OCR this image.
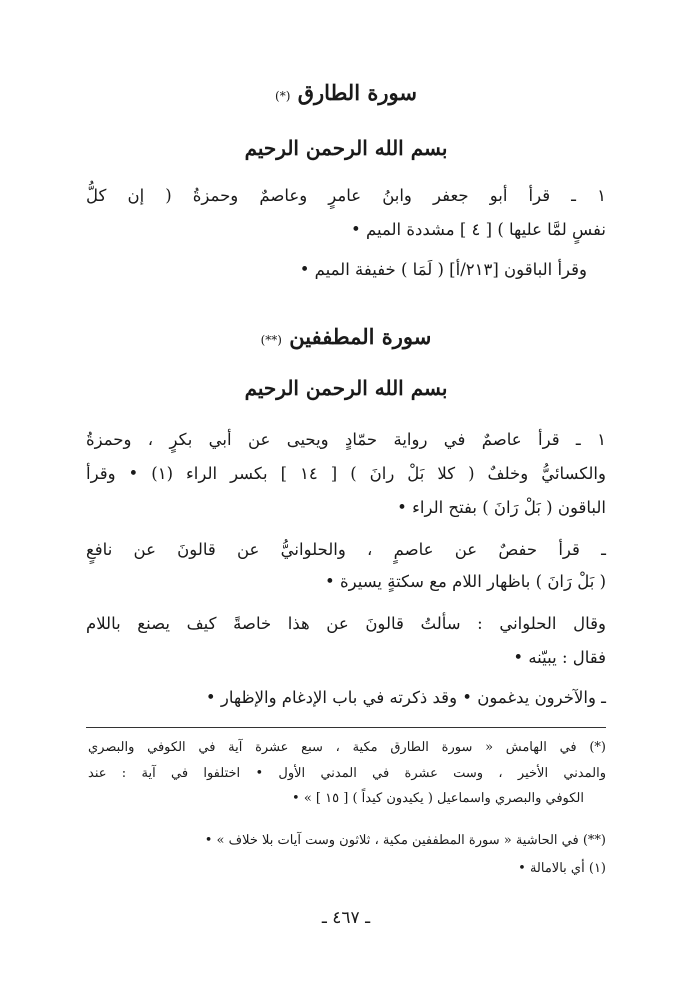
سورة الطارق (*)
بسم الله الرحمن الرحيم
١ ـ قرأ أبو جعفر وابنُ عامرٍ وعاصمٌ وحمزةُ ( إن كلُّ
نفسٍ لمَّا عليها ) [ ٤ ] مشددة الميم •
وقرأ الباقون [٢١٣/أ] ( لَمَا ) خفيفة الميم •
سورة المطففين (**)
بسم الله الرحمن الرحيم
١ ـ قرأ عاصمٌ في رواية حمّادٍ ويحيى عن أبي بكرٍ ، وحمزةُ
والكسائيُّ وخلفٌ ( كلا بَلْ رانَ ) [ ١٤ ] بكسر الراء (١) • وقرأ
الباقون ( بَلْ رَانَ ) بفتح الراء •
ـ قرأ حفصٌ عن عاصمٍ ، والحلوانيُّ عن قالونَ عن نافعٍ
( بَلْ رَانَ ) باظهار اللام مع سكتةٍ يسيرة •
وقال الحلواني : سألتُ قالونَ عن هذا خاصةً كيف يصنع باللام
فقال : يبيّنه •
ـ والآخرون يدغمون • وقد ذكرته في باب الإدغام والإظهار •
(*) في الهامش « سورة الطارق مكية ، سبع عشرة آية في الكوفي والبصري
والمدني الأخير ، وست عشرة في المدني الأول • اختلفوا في آية : عند
الكوفي والبصري واسماعيل ( يكيدون كيداً ) [ ١٥ ] » •
(**) في الحاشية « سورة المطففين مكية ، ثلاثون وست آيات بلا خلاف » •
(١) أي بالامالة •
ـ ٤٦٧ ـ
